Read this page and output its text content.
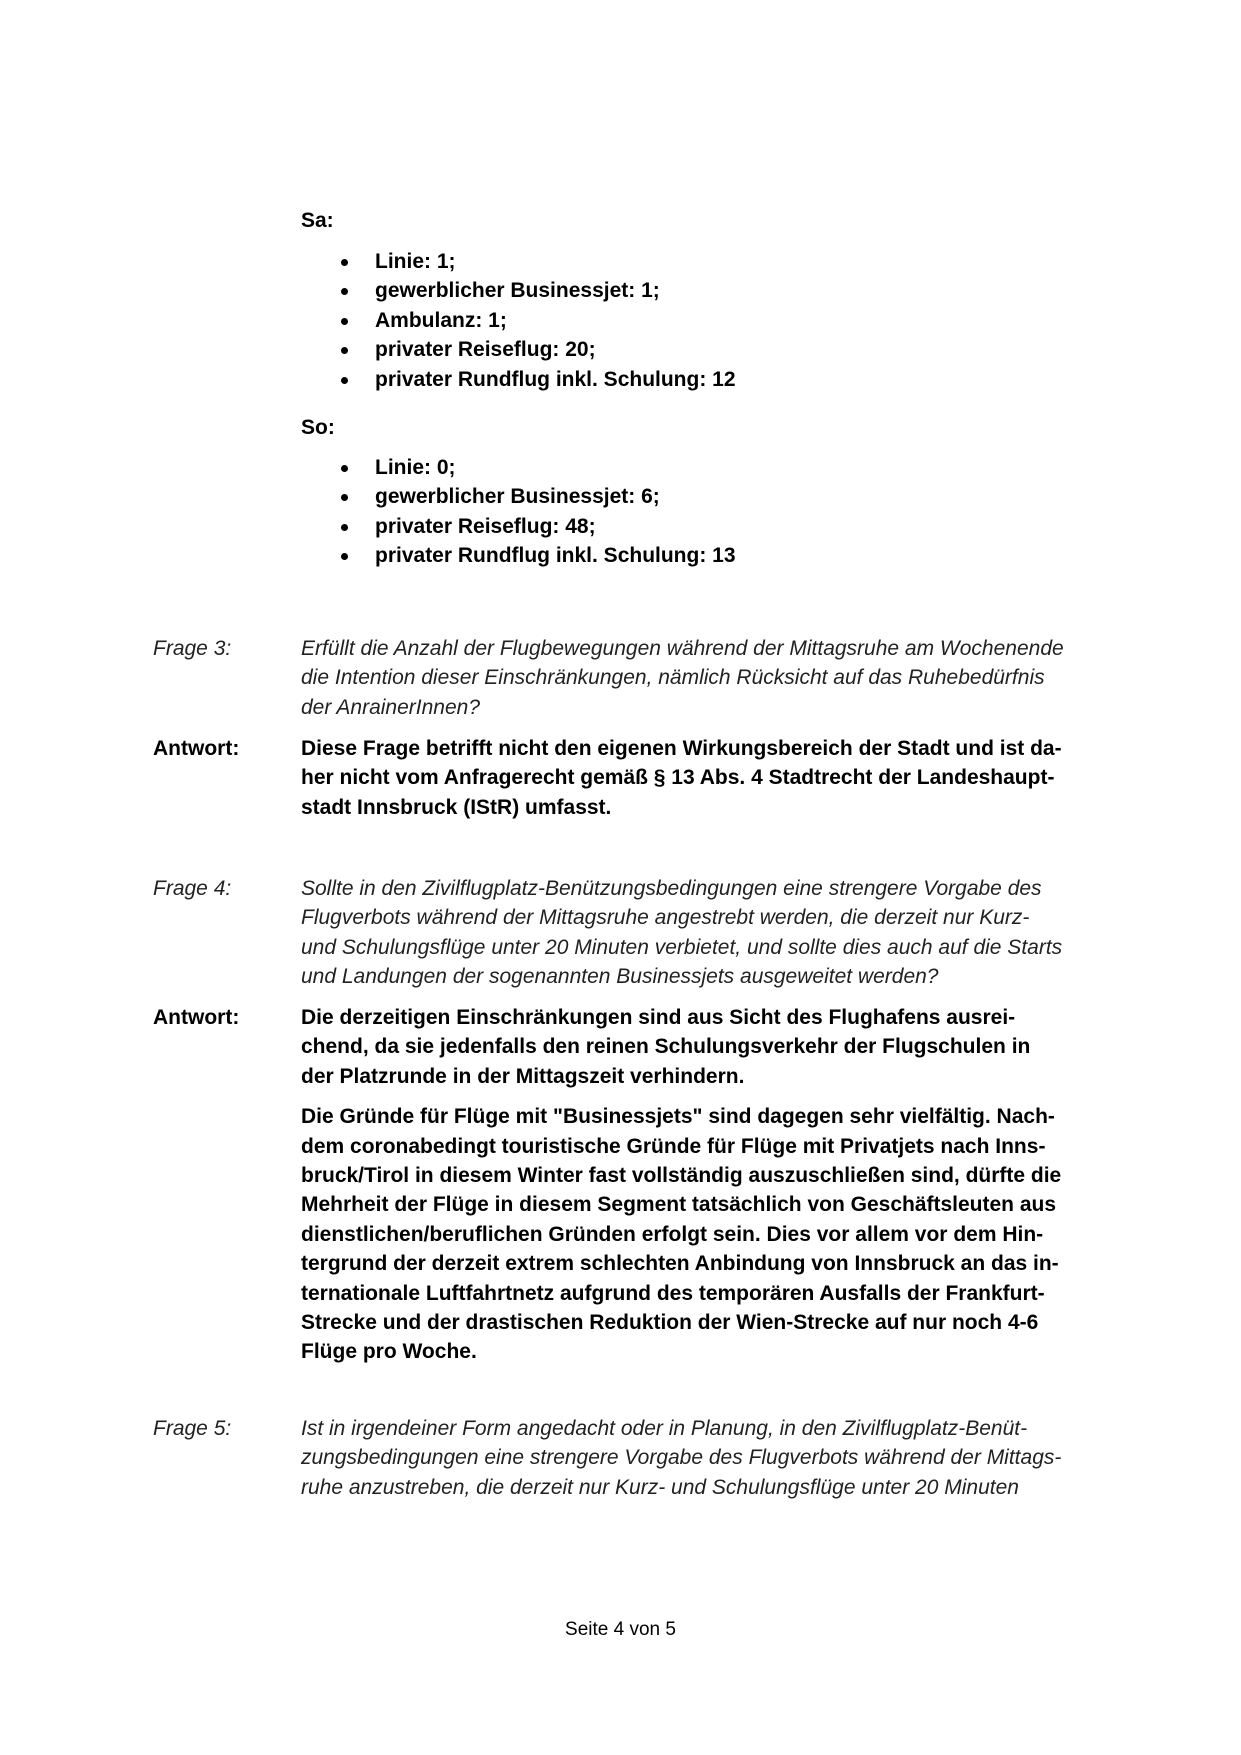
Sa:
Linie: 1;
gewerblicher Businessjet: 1;
Ambulanz: 1;
privater Reiseflug: 20;
privater Rundflug inkl. Schulung: 12
So:
Linie: 0;
gewerblicher Businessjet: 6;
privater Reiseflug: 48;
privater Rundflug inkl. Schulung: 13
Frage 3:	Erfüllt die Anzahl der Flugbewegungen während der Mittagsruhe am Wochenende
die Intention dieser Einschränkungen, nämlich Rücksicht auf das Ruhebedürfnis
der AnrainerInnen?
Antwort:	Diese Frage betrifft nicht den eigenen Wirkungsbereich der Stadt und ist da-
her nicht vom Anfragerecht gemäß § 13 Abs. 4 Stadtrecht der Landeshaupt-
stadt Innsbruck (IStR) umfasst.
Frage 4:	Sollte in den Zivilflugplatz-Benützungsbedingungen eine strengere Vorgabe des
Flugverbots während der Mittagsruhe angestrebt werden, die derzeit nur Kurz-
und Schulungsflüge unter 20 Minuten verbietet, und sollte dies auch auf die Starts
und Landungen der sogenannten Businessjets ausgeweitet werden?
Antwort:	Die derzeitigen Einschränkungen sind aus Sicht des Flughafens ausrei-
chend, da sie jedenfalls den reinen Schulungsverkehr der Flugschulen in
der Platzrunde in der Mittagszeit verhindern.
Die Gründe für Flüge mit "Businessjets" sind dagegen sehr vielfältig. Nach-
dem coronabedingt touristische Gründe für Flüge mit Privatjets nach Inns-
bruck/Tirol in diesem Winter fast vollständig auszuschließen sind, dürfte die
Mehrheit der Flüge in diesem Segment tatsächlich von Geschäftsleuten aus
dienstlichen/beruflichen Gründen erfolgt sein. Dies vor allem vor dem Hin-
tergrund der derzeit extrem schlechten Anbindung von Innsbruck an das in-
ternationale Luftfahrtnetz aufgrund des temporären Ausfalls der Frankfurt-
Strecke und der drastischen Reduktion der Wien-Strecke auf nur noch 4-6
Flüge pro Woche.
Frage 5:	Ist in irgendeiner Form angedacht oder in Planung, in den Zivilflugplatz-Benüt-
zungsbedingungen eine strengere Vorgabe des Flugverbots während der Mittags-
ruhe anzustreben, die derzeit nur Kurz- und Schulungsflüge unter 20 Minuten
Seite 4 von 5
